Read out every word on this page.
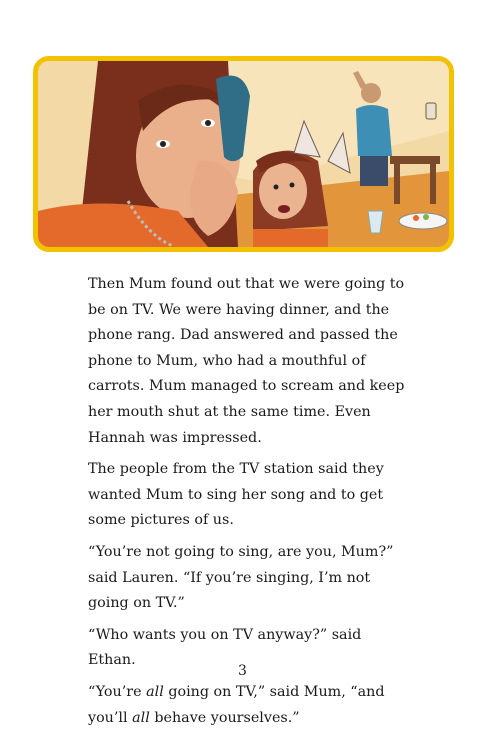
Then Mum found out that we were going to be on TV. We were having dinner, and the phone rang. Dad answered and passed the phone to Mum, who had a mouthful of carrots. Mum managed to scream and keep her mouth shut at the same time. Even Hannah was impressed.

The people from the TV station said they wanted Mum to sing her song and to get some pictures of us.

“You’re not going to sing, are you, Mum?” said Lauren. “If you’re singing, I’m not going on TV.”

“Who wants you on TV anyway?” said Ethan.

“You’re all going on TV,” said Mum, “and you’ll all behave yourselves.”

3
